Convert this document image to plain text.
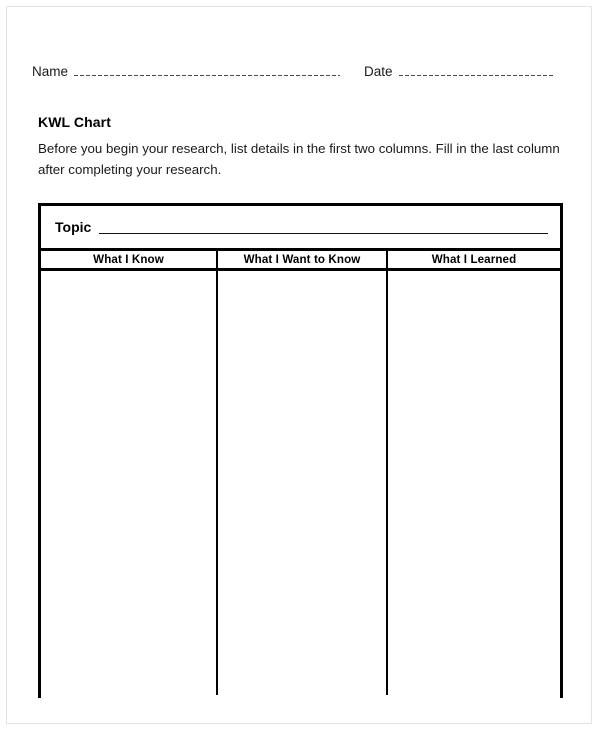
Name	Date
KWL Chart
Before you begin your research, list details in the first two columns. Fill in the last column after completing your research.
Topic
What I Know	What I Want to Know	What I Learned
